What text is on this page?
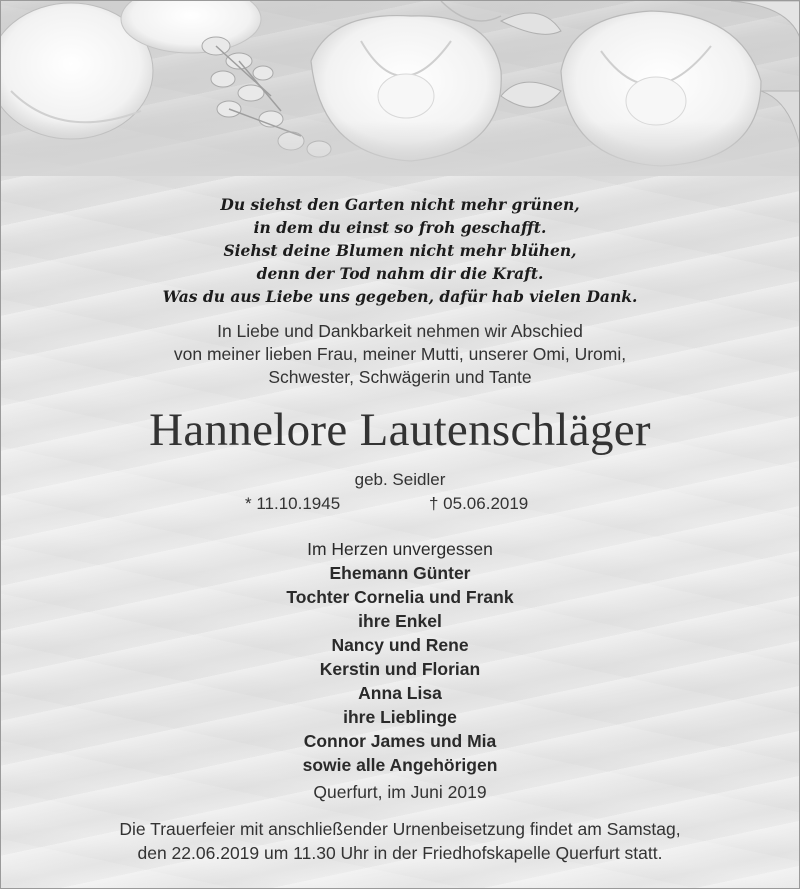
Du siehst den Garten nicht mehr grünen,
in dem du einst so froh geschafft.
Siehst deine Blumen nicht mehr blühen,
denn der Tod nahm dir die Kraft.
Was du aus Liebe uns gegeben, dafür hab vielen Dank.
In Liebe und Dankbarkeit nehmen wir Abschied
von meiner lieben Frau, meiner Mutti, unserer Omi, Uromi,
Schwester, Schwägerin und Tante
Hannelore Lautenschläger
geb. Seidler
* 11.10.1945	† 05.06.2019
Im Herzen unvergessen
Ehemann Günter
Tochter Cornelia und Frank
ihre Enkel
Nancy und Rene
Kerstin und Florian
Anna Lisa
ihre Lieblinge
Connor James und Mia
sowie alle Angehörigen
Querfurt, im Juni 2019
Die Trauerfeier mit anschließender Urnenbeisetzung findet am Samstag,
den 22.06.2019 um 11.30 Uhr in der Friedhofskapelle Querfurt statt.
